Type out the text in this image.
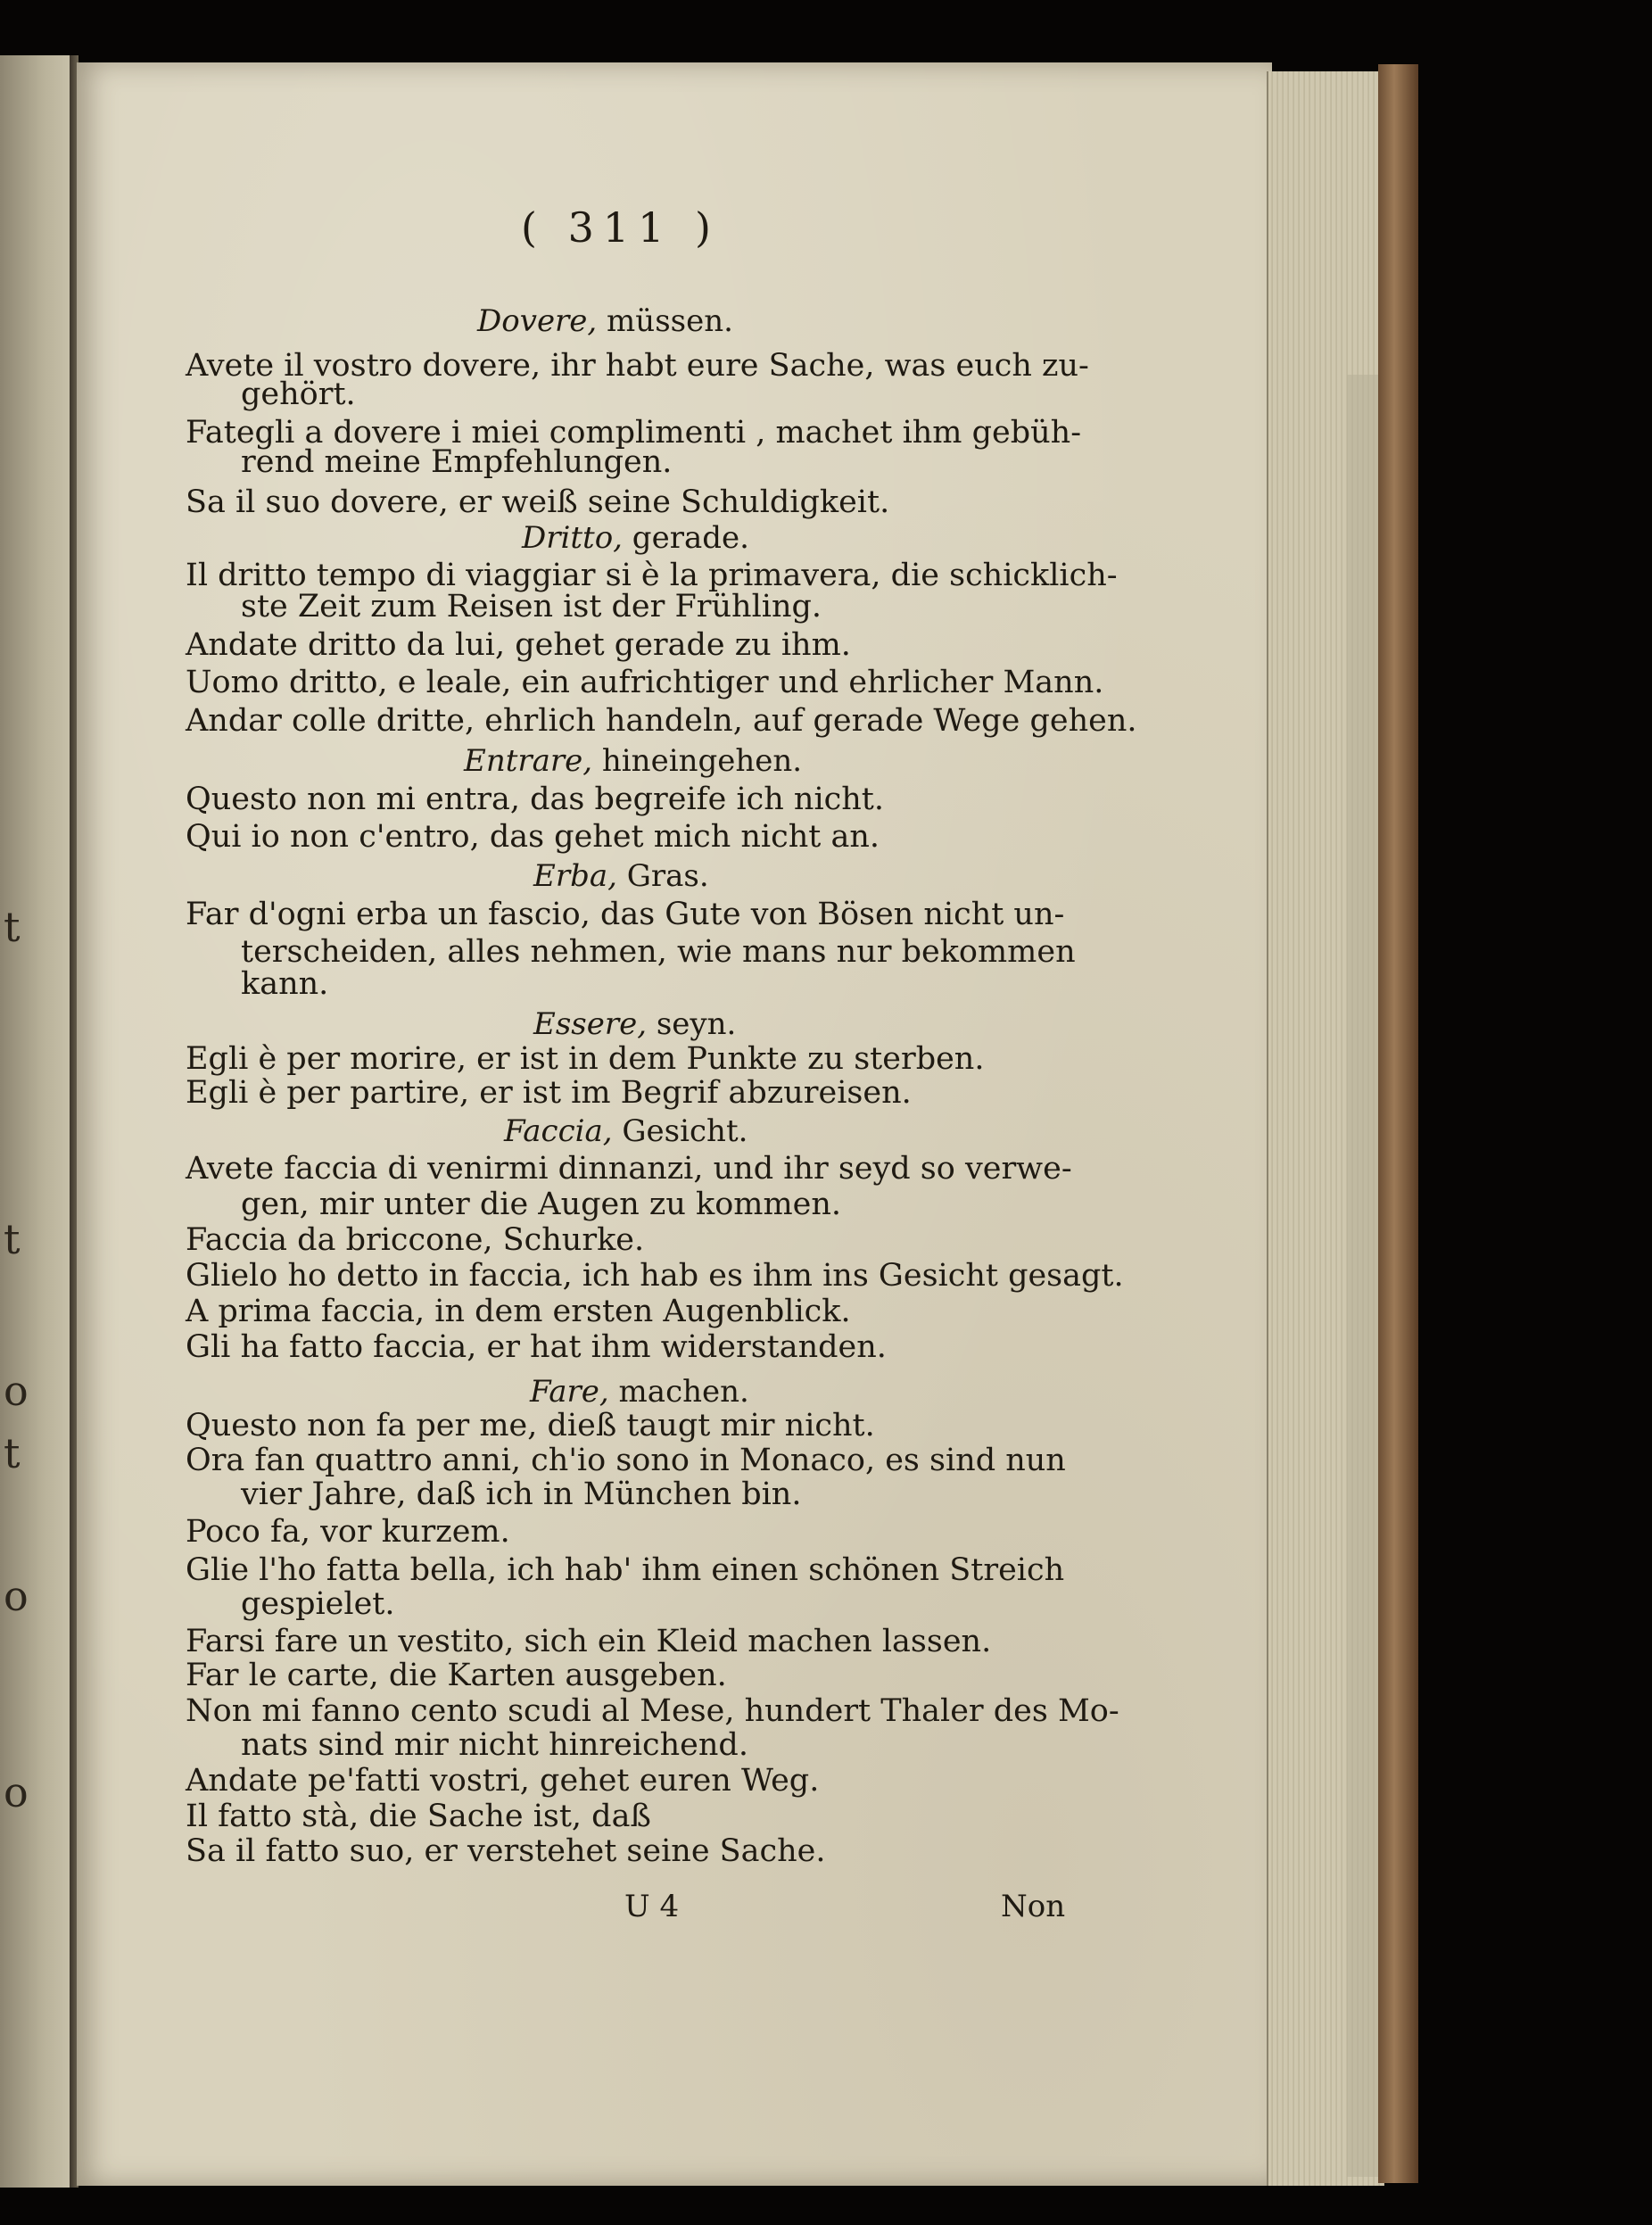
t
t
o
t
o
o
( 311 )
Dovere, müssen.
Avete il vostro dovere, ihr habt eure Sache, was euch zu-
gehört.
Fategli a dovere i miei complimenti , machet ihm gebüh-
rend meine Empfehlungen.
Sa il suo dovere, er weiß seine Schuldigkeit.
Dritto, gerade.
Il dritto tempo di viaggiar si è la primavera, die schicklich-
ste Zeit zum Reisen ist der Frühling.
Andate dritto da lui, gehet gerade zu ihm.
Uomo dritto, e leale, ein aufrichtiger und ehrlicher Mann.
Andar colle dritte, ehrlich handeln, auf gerade Wege gehen.
Entrare, hineingehen.
Questo non mi entra, das begreife ich nicht.
Qui io non c'entro, das gehet mich nicht an.
Erba, Gras.
Far d'ogni erba un fascio, das Gute von Bösen nicht un-
terscheiden, alles nehmen, wie mans nur bekommen
kann.
Essere, seyn.
Egli è per morire, er ist in dem Punkte zu sterben.
Egli è per partire, er ist im Begrif abzureisen.
Faccia, Gesicht.
Avete faccia di venirmi dinnanzi, und ihr seyd so verwe-
gen, mir unter die Augen zu kommen.
Faccia da briccone, Schurke.
Glielo ho detto in faccia, ich hab es ihm ins Gesicht gesagt.
A prima faccia, in dem ersten Augenblick.
Gli ha fatto faccia, er hat ihm widerstanden.
Fare, machen.
Questo non fa per me, dieß taugt mir nicht.
Ora fan quattro anni, ch'io sono in Monaco, es sind nun
vier Jahre, daß ich in München bin.
Poco fa, vor kurzem.
Glie l'ho fatta bella, ich hab' ihm einen schönen Streich
gespielet.
Farsi fare un vestito, sich ein Kleid machen lassen.
Far le carte, die Karten ausgeben.
Non mi fanno cento scudi al Mese, hundert Thaler des Mo-
nats sind mir nicht hinreichend.
Andate pe'fatti vostri, gehet euren Weg.
Il fatto stà, die Sache ist, daß
Sa il fatto suo, er verstehet seine Sache.
U 4	Non
